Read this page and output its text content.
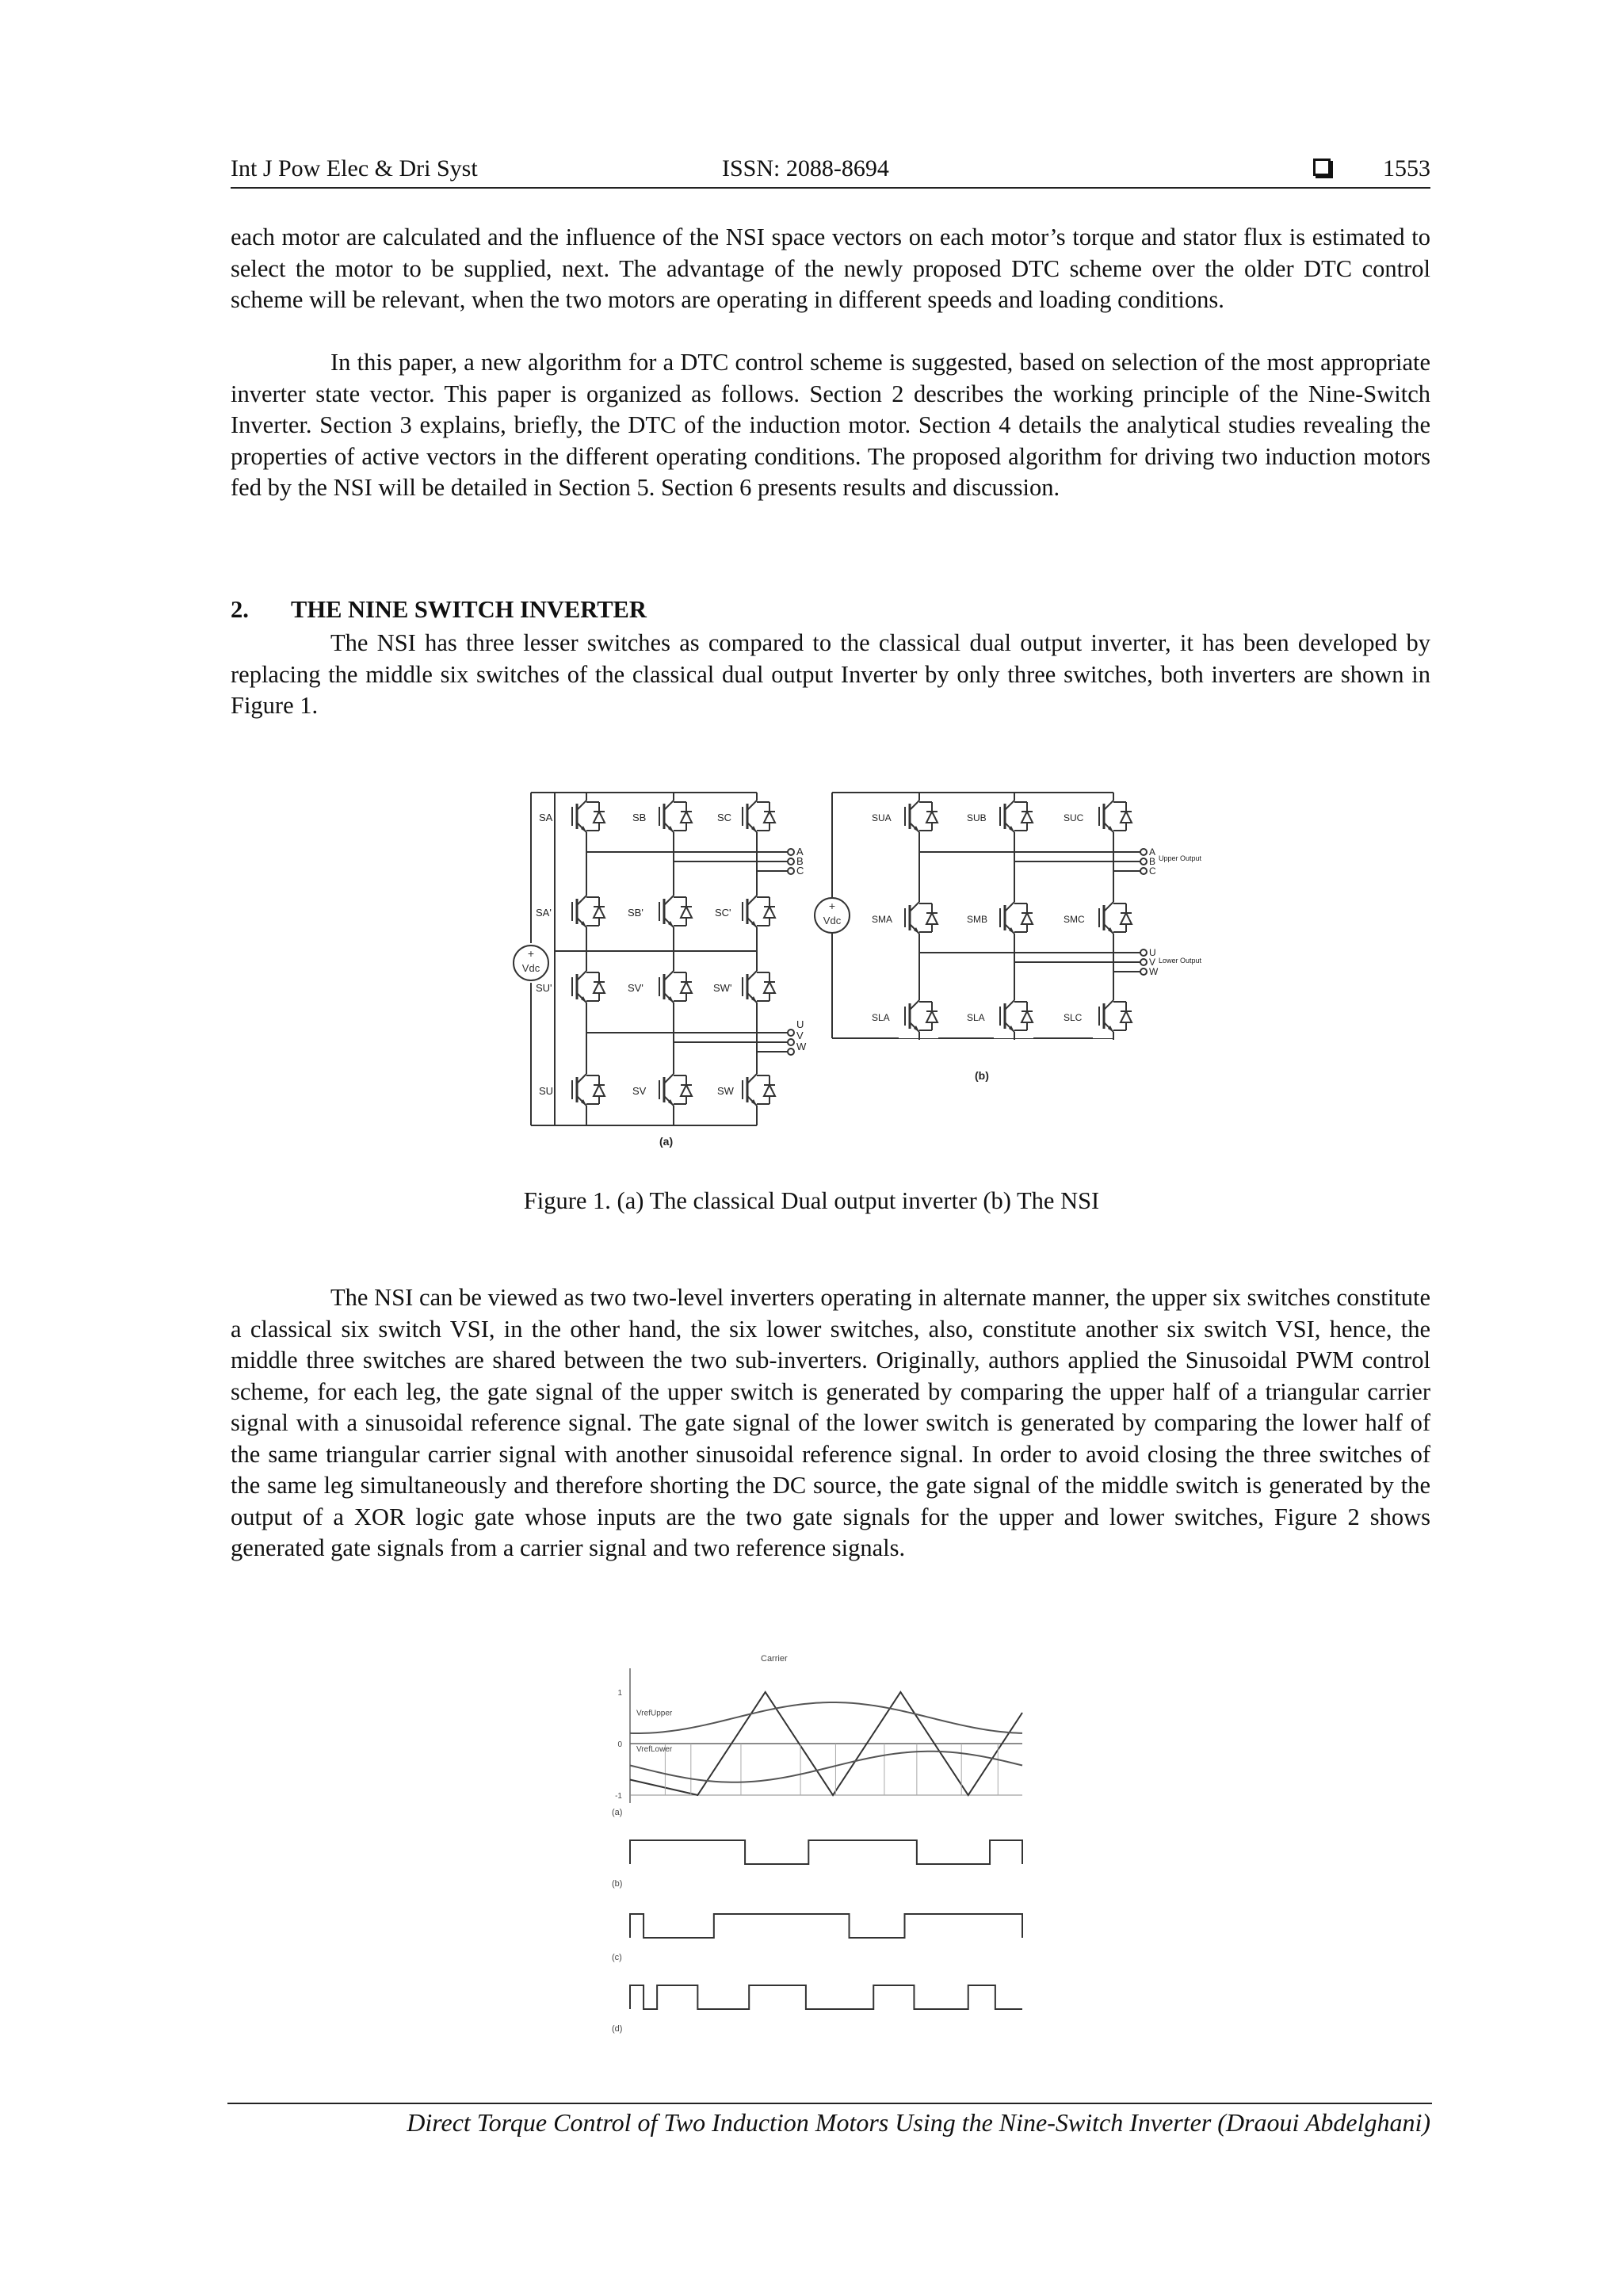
Int J Pow Elec & Dri Syst	ISSN: 2088-8694	1553

each motor are calculated and the influence of the NSI space vectors on each motor’s torque and stator flux is estimated to select the motor to be supplied, next. The advantage of the newly proposed DTC scheme over the older DTC control scheme will be relevant, when the two motors are operating in different speeds and loading conditions.

In this paper, a new algorithm for a DTC control scheme is suggested, based on selection of the most appropriate inverter state vector. This paper is organized as follows. Section 2 describes the working principle of the Nine-Switch Inverter. Section 3 explains, briefly, the DTC of the induction motor. Section 4 details the analytical studies revealing the properties of active vectors in the different operating conditions. The proposed algorithm for driving two induction motors fed by the NSI will be detailed in Section 5. Section 6 presents results and discussion.

2. THE NINE SWITCH INVERTER

The NSI has three lesser switches as compared to the classical dual output inverter, it has been developed by replacing the middle six switches of the classical dual output Inverter by only three switches, both inverters are shown in Figure 1.

+
Vdc
SA	SB	SC
SA'	SB'	SC'
SU'	SV'	SW'
SU	SV	SW
A
B
C
U
V
W
(a)
+
Vdc
SUA	SUB	SUC
SMA	SMB	SMC
SLA	SLA	SLC
A
B
C
Upper Output
U
V
W
Lower Output
(b)
Figure 1. (a) The classical Dual output inverter (b) The NSI

The NSI can be viewed as two two-level inverters operating in alternate manner, the upper six switches constitute a classical six switch VSI, in the other hand, the six lower switches, also, constitute another six switch VSI, hence, the middle three switches are shared between the two sub-inverters. Originally, authors applied the Sinusoidal PWM control scheme, for each leg, the gate signal of the upper switch is generated by comparing the upper half of a triangular carrier signal with a sinusoidal reference signal. The gate signal of the lower switch is generated by comparing the lower half of the same triangular carrier signal with another sinusoidal reference signal. In order to avoid closing the three switches of the same leg simultaneously and therefore shorting the DC source, the gate signal of the middle switch is generated by the output of a XOR logic gate whose inputs are the two gate signals for the upper and lower switches, Figure 2 shows generated gate signals from a carrier signal and two reference signals.

1
0
-1
Carrier
VrefUpper
VrefLower
(a)
(b)
(c)
(d)
Direct Torque Control of Two Induction Motors Using the Nine-Switch Inverter (Draoui Abdelghani)
